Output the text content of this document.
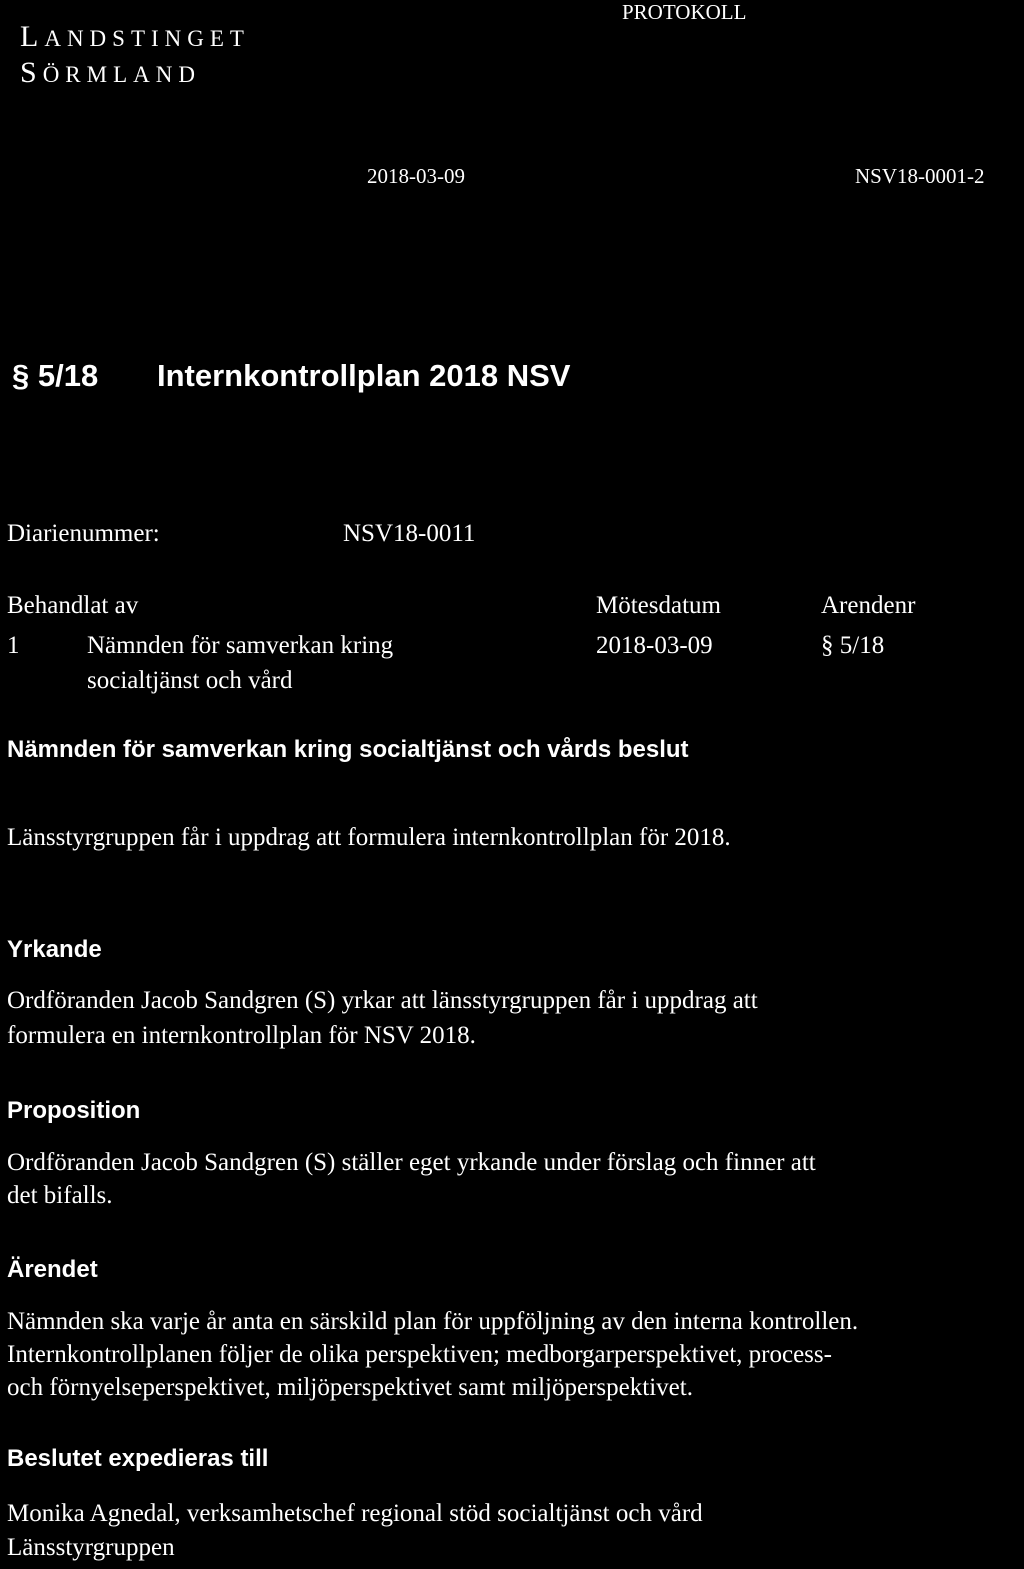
LANDSTINGET
SÖRMLAND
PROTOKOLL
2018-03-09	NSV18-0001-2
§ 5/18 Internkontrollplan 2018 NSV
Diarienummer:	NSV18-0011
Behandlat av	Mötesdatum	Arendenr
1	Nämnden för samverkan kring
socialtjänst och vård
2018-03-09	§ 5/18
Nämnden för samverkan kring socialtjänst och vårds beslut
Länsstyrgruppen får i uppdrag att formulera internkontrollplan för 2018.
Yrkande
Ordföranden Jacob Sandgren (S) yrkar att länsstyrgruppen får i uppdrag att
formulera en internkontrollplan för NSV 2018.
Proposition
Ordföranden Jacob Sandgren (S) ställer eget yrkande under förslag och finner att
det bifalls.
Ärendet
Nämnden ska varje år anta en särskild plan för uppföljning av den interna kontrollen.
Internkontrollplanen följer de olika perspektiven; medborgarperspektivet, process-
och förnyelseperspektivet, miljöperspektivet samt miljöperspektivet.
Beslutet expedieras till
Monika Agnedal, verksamhetschef regional stöd socialtjänst och vård
Länsstyrgruppen
